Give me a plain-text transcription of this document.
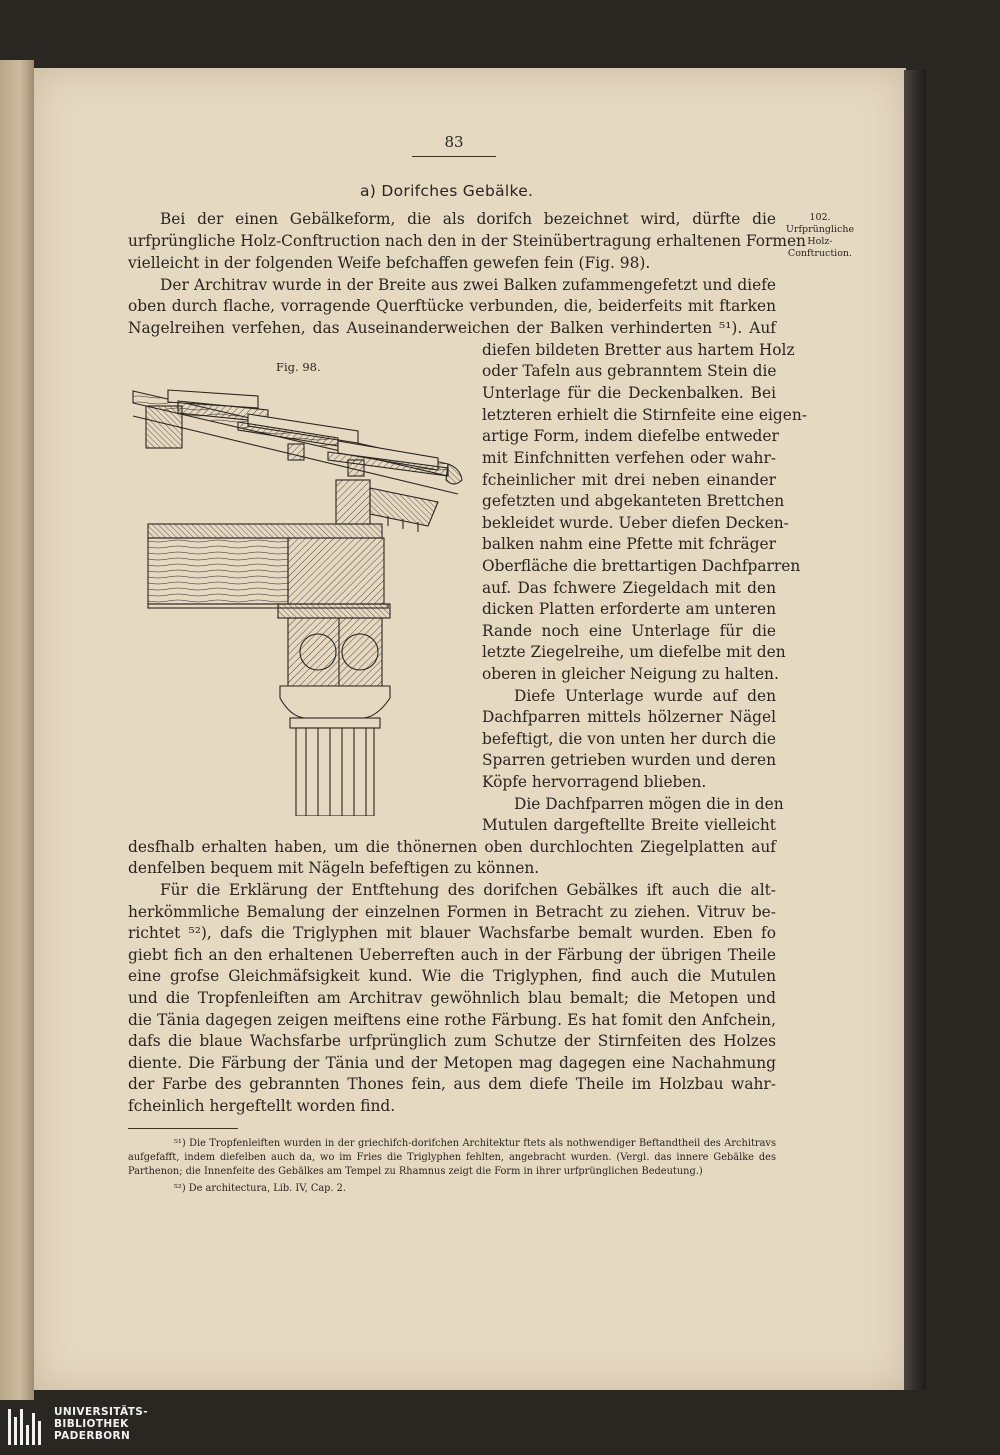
83
a) Dorifches Gebälke.
102.
Urfprüngliche
Holz-
Conftruction.
Bei der einen Gebälkeform, die als dorifch bezeichnet wird, dürfte die
urfprüngliche Holz-Conftruction nach den in der Steinübertragung erhaltenen Formen
vielleicht in der folgenden Weife befchaffen gewefen fein (Fig. 98).
Der Architrav wurde in der Breite aus zwei Balken zufammengefetzt und diefe
oben durch flache, vorragende Querftücke verbunden, die, beiderfeits mit ftarken
Nagelreihen verfehen, das Auseinanderweichen der Balken verhinderten ⁵¹). Auf
diefen bildeten Bretter aus hartem Holz
oder Tafeln aus gebranntem Stein die
Unterlage für die Deckenbalken. Bei
letzteren erhielt die Stirnfeite eine eigen-
artige Form, indem diefelbe entweder
mit Einfchnitten verfehen oder wahr-
fcheinlicher mit drei neben einander
gefetzten und abgekanteten Brettchen
bekleidet wurde. Ueber diefen Decken-
balken nahm eine Pfette mit fchräger
Oberfläche die brettartigen Dachfparren
auf. Das fchwere Ziegeldach mit den
dicken Platten erforderte am unteren
Rande noch eine Unterlage für die
letzte Ziegelreihe, um diefelbe mit den
oberen in gleicher Neigung zu halten.
Diefe Unterlage wurde auf den
Dachfparren mittels hölzerner Nägel
befeftigt, die von unten her durch die
Sparren getrieben wurden und deren
Köpfe hervorragend blieben.
Die Dachfparren mögen die in den
Mutulen dargeftellte Breite vielleicht
desfhalb erhalten haben, um die thönernen oben durchlochten Ziegelplatten auf
denfelben bequem mit Nägeln befeftigen zu können.
Für die Erklärung der Entftehung des dorifchen Gebälkes ift auch die alt-
herkömmliche Bemalung der einzelnen Formen in Betracht zu ziehen. Vitruv be-
richtet ⁵²), dafs die Triglyphen mit blauer Wachsfarbe bemalt wurden. Eben fo
giebt fich an den erhaltenen Ueberreften auch in der Färbung der übrigen Theile
eine grofse Gleichmäfsigkeit kund. Wie die Triglyphen, find auch die Mutulen
und die Tropfenleiften am Architrav gewöhnlich blau bemalt; die Metopen und
die Tänia dagegen zeigen meiftens eine rothe Färbung. Es hat fomit den Anfchein,
dafs die blaue Wachsfarbe urfprünglich zum Schutze der Stirnfeiten des Holzes
diente. Die Färbung der Tänia und der Metopen mag dagegen eine Nachahmung
der Farbe des gebrannten Thones fein, aus dem diefe Theile im Holzbau wahr-
fcheinlich hergeftellt worden find.
Fig. 98.
⁵¹) Die Tropfenleiften wurden in der griechifch-dorifchen Architektur ftets als nothwendiger Beftandtheil des Architravs
aufgefafft, indem diefelben auch da, wo im Fries die Triglyphen fehlten, angebracht wurden. (Vergl. das innere Gebälke des
Parthenon; die Innenfeite des Gebälkes am Tempel zu Rhamnus zeigt die Form in ihrer urfprünglichen Bedeutung.)
⁵²) De architectura, Lib. IV, Cap. 2.
UNIVERSITÄTS-
BIBLIOTHEK
PADERBORN
